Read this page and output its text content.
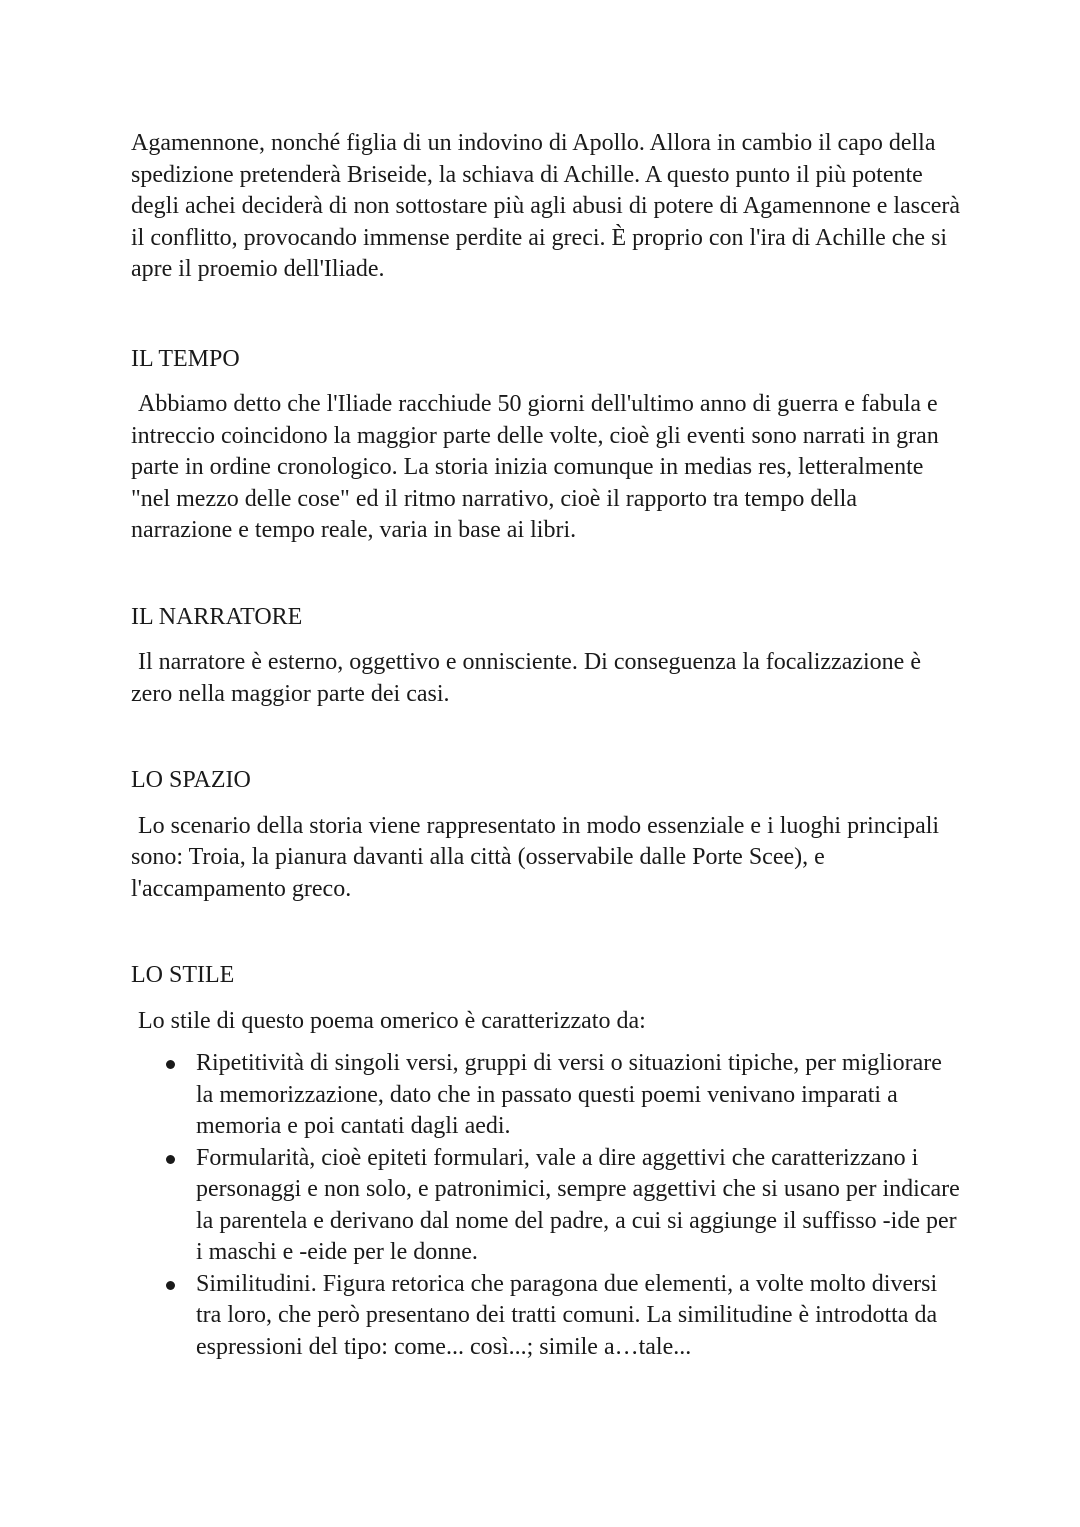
Agamennone, nonché figlia di un indovino di Apollo. Allora in cambio il capo della spedizione pretenderà Briseide, la schiava di Achille. A questo punto il più potente degli achei deciderà di non sottostare più agli abusi di potere di Agamennone e lascerà il conflitto, provocando immense perdite ai greci. È proprio con l'ira di Achille che si apre il proemio dell'Iliade.

IL TEMPO

Abbiamo detto che l'Iliade racchiude 50 giorni dell'ultimo anno di guerra e fabula e intreccio coincidono la maggior parte delle volte, cioè gli eventi sono narrati in gran parte in ordine cronologico. La storia inizia comunque in medias res, letteralmente "nel mezzo delle cose" ed il ritmo narrativo, cioè il rapporto tra tempo della narrazione e tempo reale, varia in base ai libri.

IL NARRATORE

Il narratore è esterno, oggettivo e onnisciente. Di conseguenza la focalizzazione è zero nella maggior parte dei casi.

LO SPAZIO

Lo scenario della storia viene rappresentato in modo essenziale e i luoghi principali sono: Troia, la pianura davanti alla città (osservabile dalle Porte Scee), e l'accampamento greco.

LO STILE

Lo stile di questo poema omerico è caratterizzato da:

Ripetitività di singoli versi, gruppi di versi o situazioni tipiche, per migliorare la memorizzazione, dato che in passato questi poemi venivano imparati a memoria e poi cantati dagli aedi.
Formularità, cioè epiteti formulari, vale a dire aggettivi che caratterizzano i personaggi e non solo, e patronimici, sempre aggettivi che si usano per indicare la parentela e derivano dal nome del padre, a cui si aggiunge il suffisso -ide per i maschi e -eide per le donne.
Similitudini. Figura retorica che paragona due elementi, a volte molto diversi tra loro, che però presentano dei tratti comuni. La similitudine è introdotta da espressioni del tipo: come... così...; simile a…tale...
